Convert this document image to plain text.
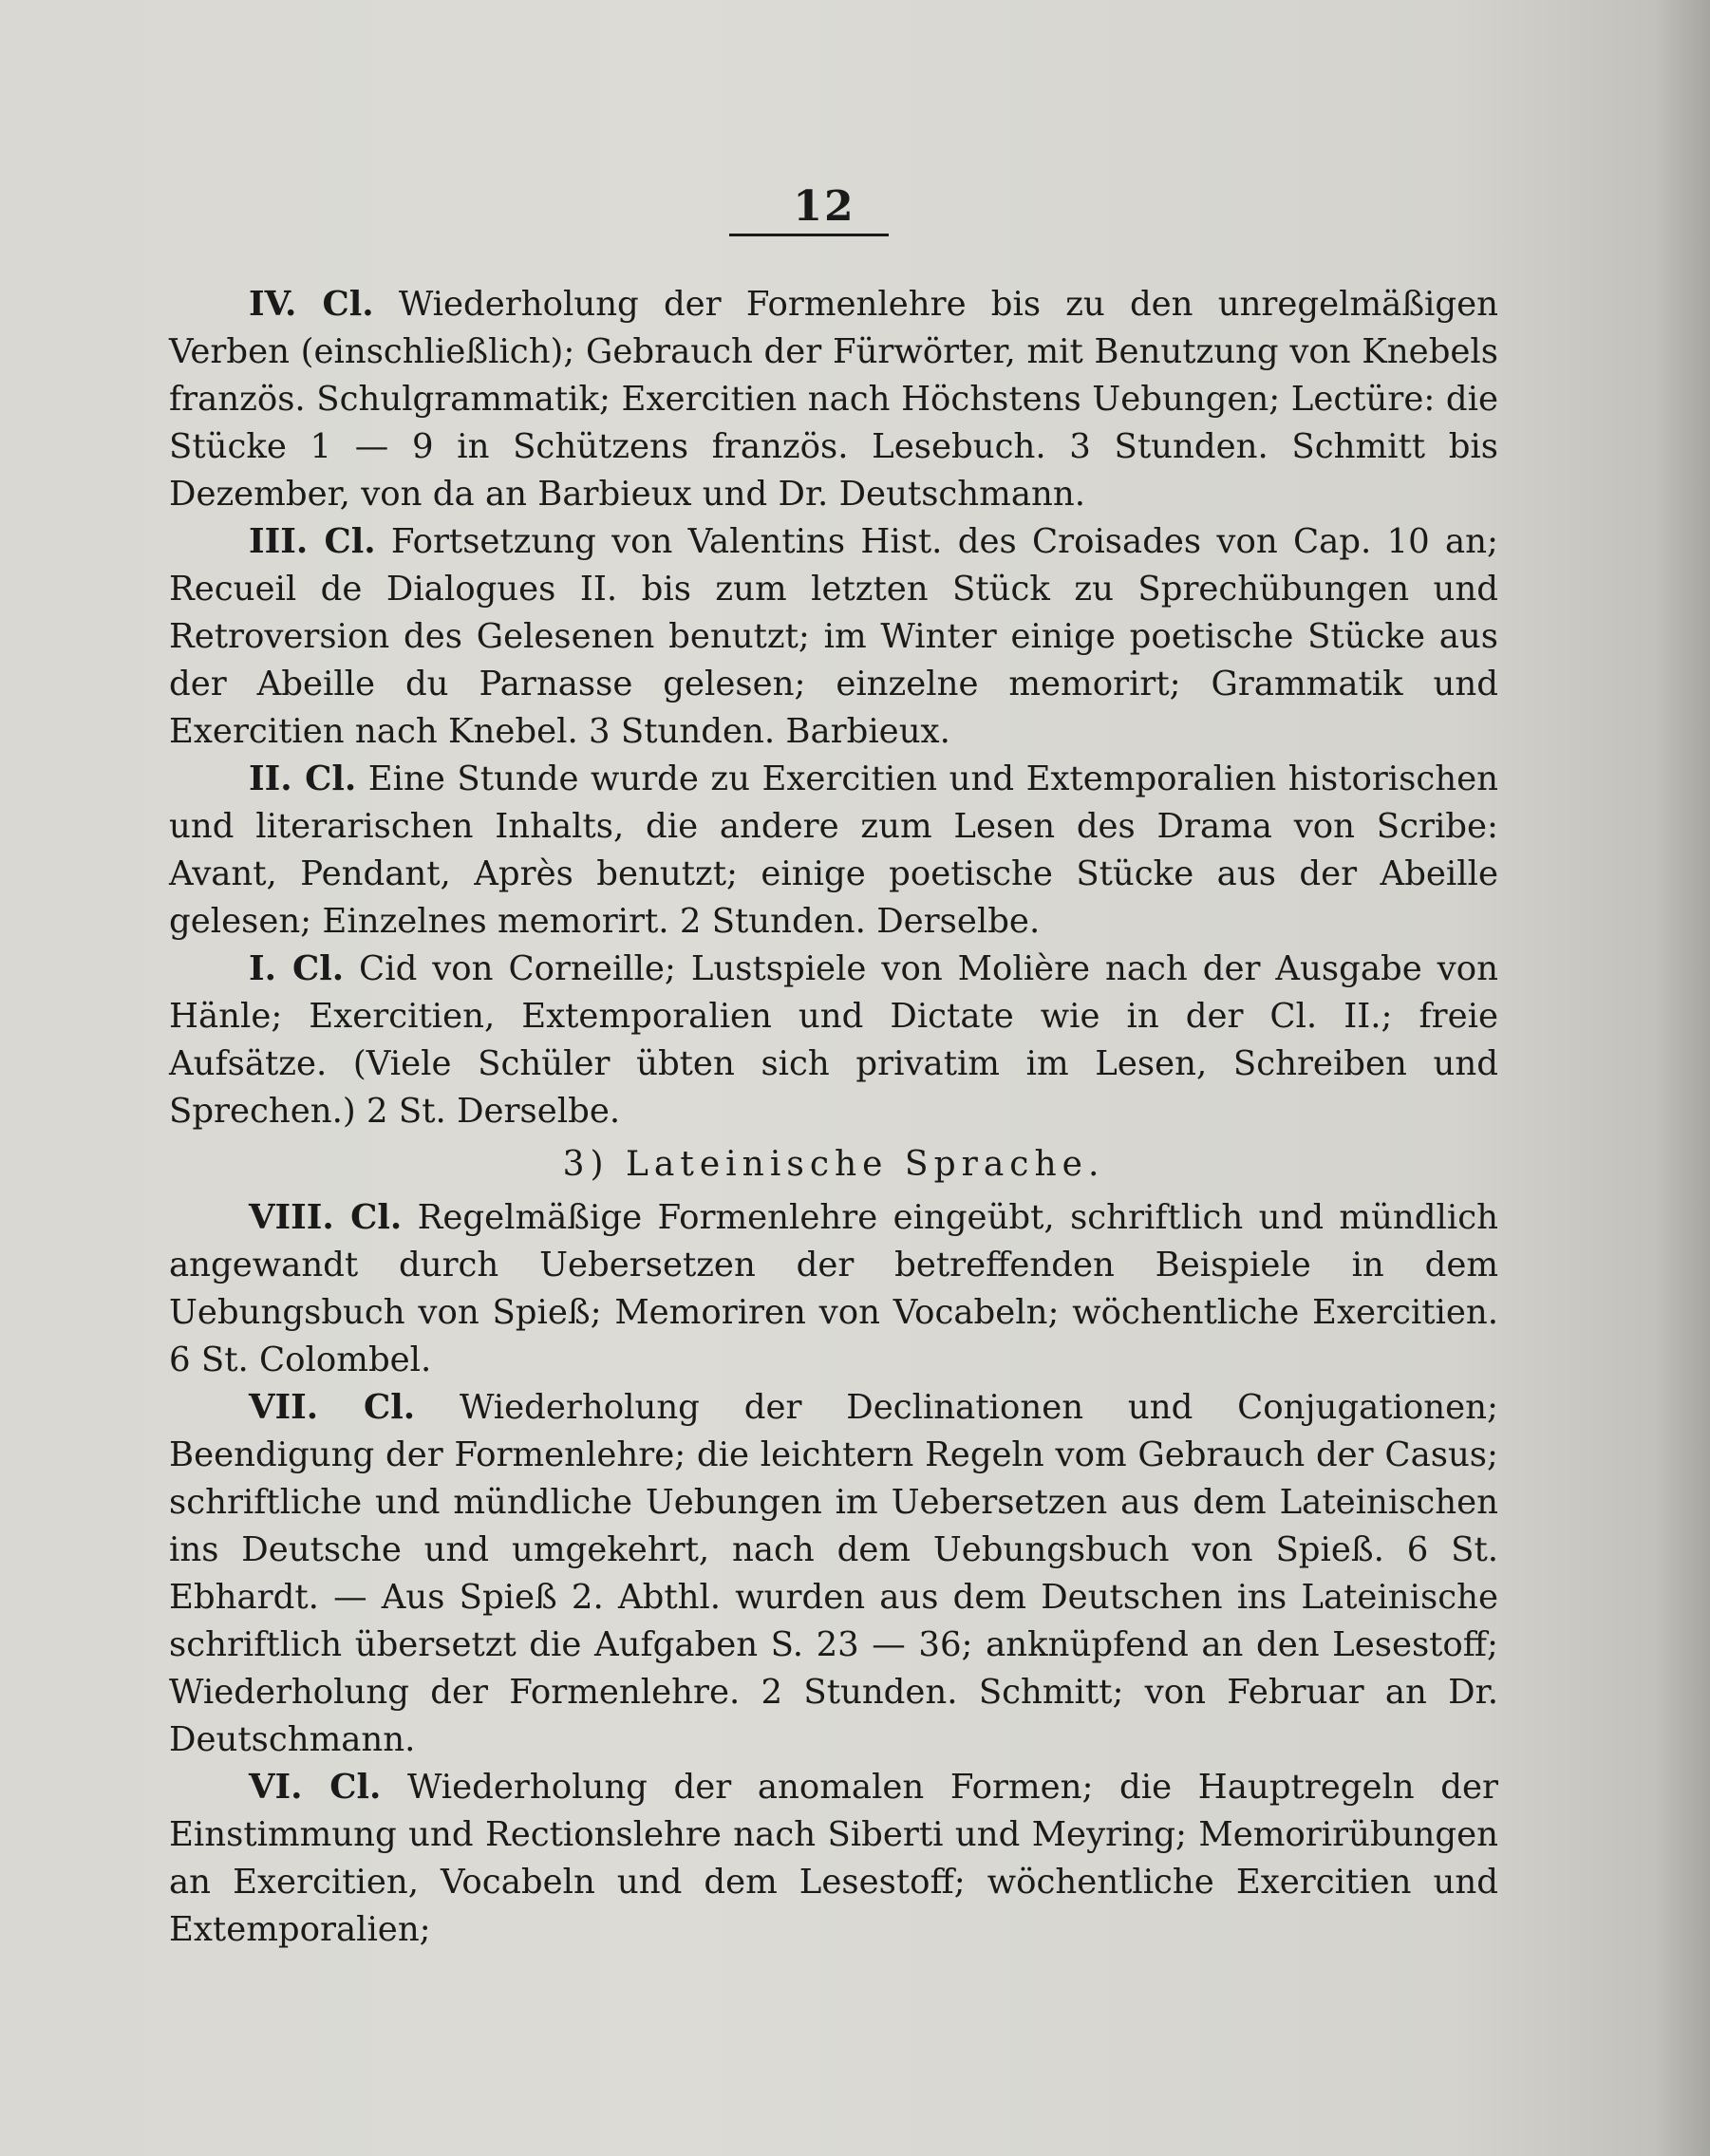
12

IV. Cl. Wiederholung der Formenlehre bis zu den unregelmäßigen Verben (einschließlich); Gebrauch der Fürwörter, mit Benutzung von Knebels französ. Schulgrammatik; Exercitien nach Höchstens Uebungen; Lectüre: die Stücke 1 — 9 in Schützens französ. Lesebuch. 3 Stunden. Schmitt bis Dezember, von da an Barbieux und Dr. Deutschmann.

III. Cl. Fortsetzung von Valentins Hist. des Croisades von Cap. 10 an; Recueil de Dialogues II. bis zum letzten Stück zu Sprechübungen und Retroversion des Gelesenen benutzt; im Winter einige poetische Stücke aus der Abeille du Parnasse gelesen; einzelne memorirt; Grammatik und Exercitien nach Knebel. 3 Stunden. Barbieux.

II. Cl. Eine Stunde wurde zu Exercitien und Extemporalien historischen und literarischen Inhalts, die andere zum Lesen des Drama von Scribe: Avant, Pendant, Après benutzt; einige poetische Stücke aus der Abeille gelesen; Einzelnes memorirt. 2 Stunden. Derselbe.

I. Cl. Cid von Corneille; Lustspiele von Molière nach der Ausgabe von Hänle; Exercitien, Extemporalien und Dictate wie in der Cl. II.; freie Aufsätze. (Viele Schüler übten sich privatim im Lesen, Schreiben und Sprechen.) 2 St. Derselbe.

3) Lateinische Sprache.

VIII. Cl. Regelmäßige Formenlehre eingeübt, schriftlich und mündlich angewandt durch Uebersetzen der betreffenden Beispiele in dem Uebungsbuch von Spieß; Memoriren von Vocabeln; wöchentliche Exercitien. 6 St. Colombel.

VII. Cl. Wiederholung der Declinationen und Conjugationen; Beendigung der Formenlehre; die leichtern Regeln vom Gebrauch der Casus; schriftliche und mündliche Uebungen im Uebersetzen aus dem Lateinischen ins Deutsche und umgekehrt, nach dem Uebungsbuch von Spieß. 6 St. Ebhardt. — Aus Spieß 2. Abthl. wurden aus dem Deutschen ins Lateinische schriftlich übersetzt die Aufgaben S. 23 — 36; anknüpfend an den Lesestoff; Wiederholung der Formenlehre. 2 Stunden. Schmitt; von Februar an Dr. Deutschmann.

VI. Cl. Wiederholung der anomalen Formen; die Hauptregeln der Einstimmung und Rectionslehre nach Siberti und Meyring; Memorirübungen an Exercitien, Vocabeln und dem Lesestoff; wöchentliche Exercitien und Extemporalien;
